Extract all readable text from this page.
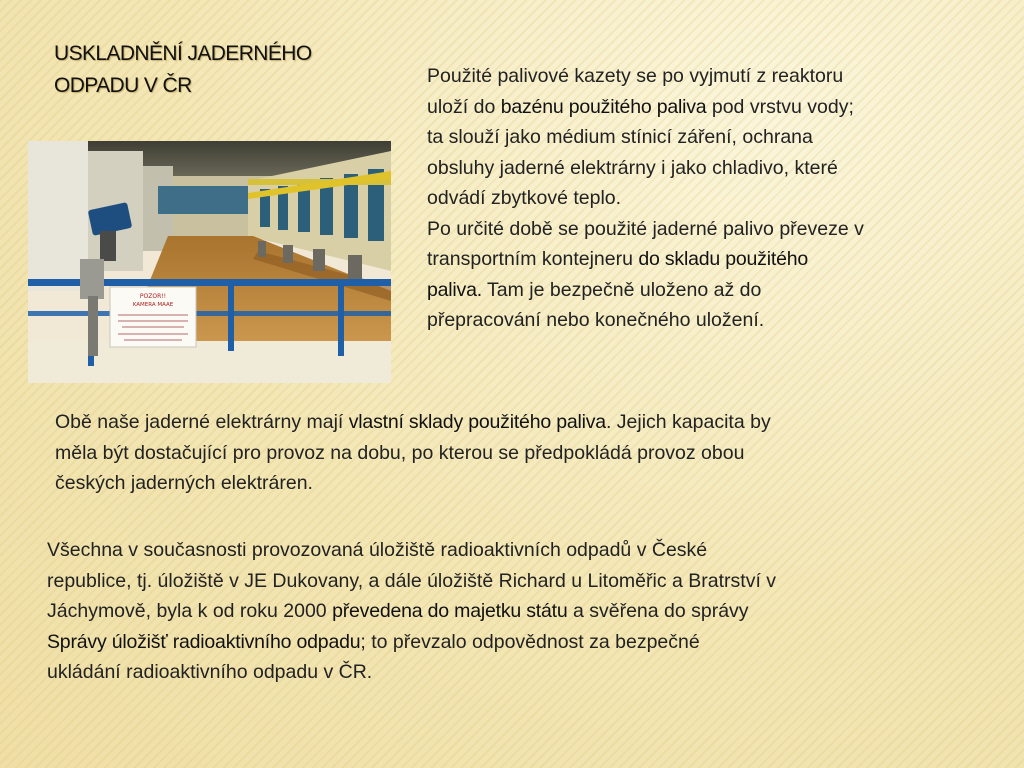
USKLADNĚNÍ JADERNÉHO
ODPADU V ČR
POZOR!!
KAMERA MAAE
Použité palivové kazety se po vyjmutí z reaktoru
uloží do bazénu použitého paliva pod vrstvu vody;
ta slouží jako médium stínicí záření, ochrana
obsluhy jaderné elektrárny i jako chladivo, které
odvádí zbytkové teplo.
Po určité době se použité jaderné palivo převeze v
transportním kontejneru do skladu použitého
paliva. Tam je bezpečně uloženo až do
přepracování nebo konečného uložení.
Obě naše jaderné elektrárny mají vlastní sklady použitého paliva. Jejich kapacita by
měla být dostačující pro provoz na dobu, po kterou se předpokládá provoz obou
českých jaderných elektráren.
Všechna v současnosti provozovaná úložiště radioaktivních odpadů v České
republice, tj. úložiště v JE Dukovany, a dále úložiště Richard u Litoměřic a Bratrství v
Jáchymově, byla k od roku 2000 převedena do majetku státu a svěřena do správy
Správy úložišť radioaktivního odpadu; to převzalo odpovědnost za bezpečné
ukládání radioaktivního odpadu v ČR.
